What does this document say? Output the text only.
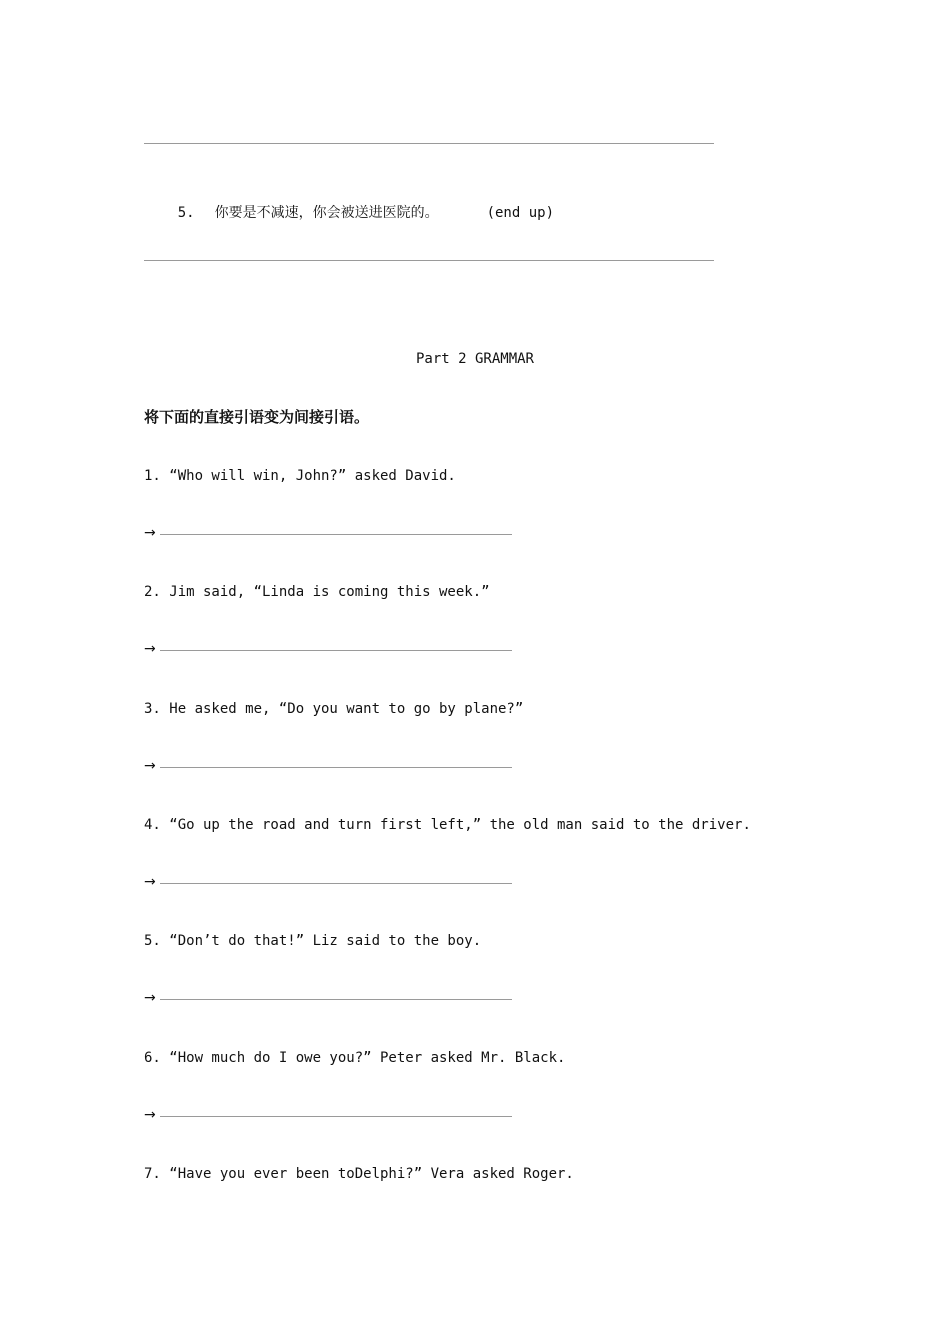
5. 你要是不减速，你会被送进医院的。	(end up)

Part 2 GRAMMAR
将下面的直接引语变为间接引语。
1. “Who will win, John?” asked David.
→
2. Jim said, “Linda is coming this week.”
→
3. He asked me, “Do you want to go by plane?”
→
4. “Go up the road and turn first left,” the old man said to the driver.
→
5. “Don’t do that!” Liz said to the boy.
→
6. “How much do I owe you?” Peter asked Mr. Black.
→
7. “Have you ever been toDelphi?” Vera asked Roger.
